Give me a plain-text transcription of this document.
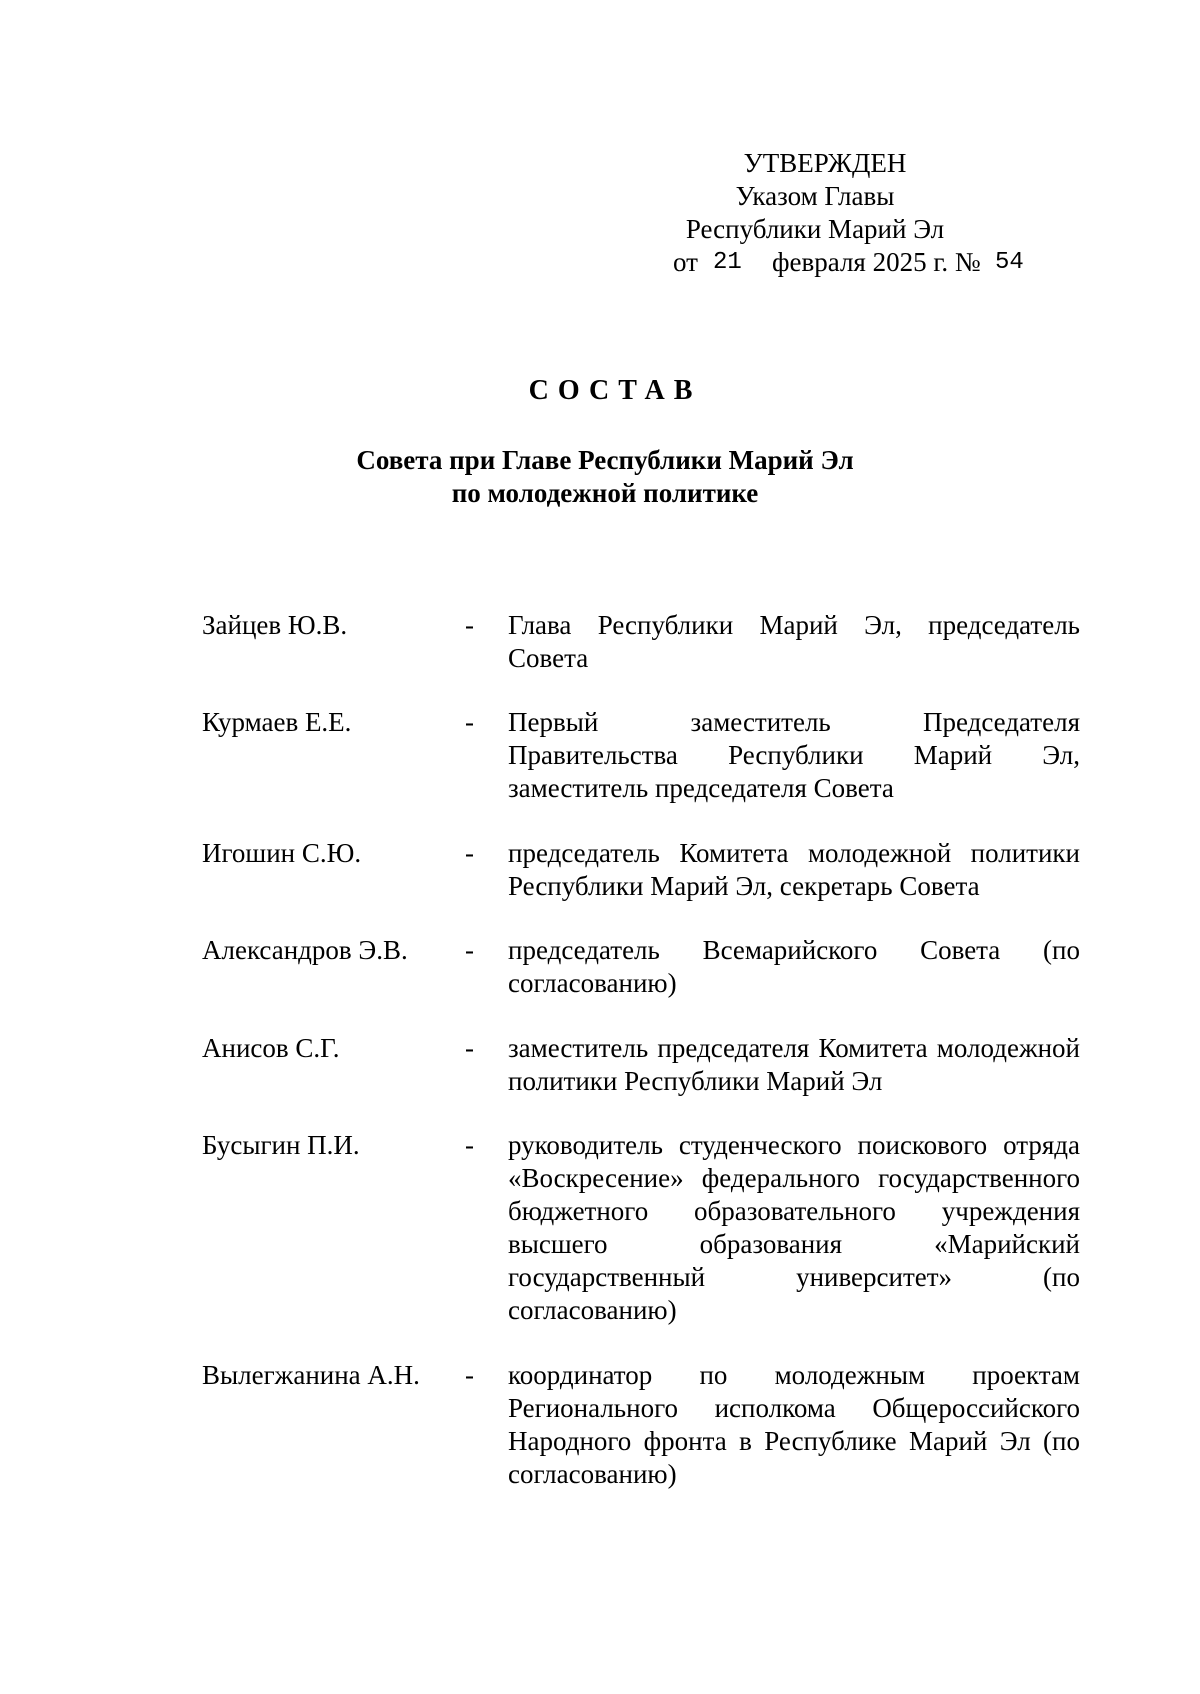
УТВЕРЖДЕН
Указом Главы
Республики Марий Эл
от 21 февраля 2025 г. № 54
СОСТАВ
Совета при Главе Республики Марий Эл
по молодежной политике
Зайцев Ю.В.	-	Глава Республики Марий Эл, председатель Совета
Курмаев Е.Е.	-	Первый заместитель Председателя Правительства Республики Марий Эл, заместитель председателя Совета
Игошин С.Ю.	-	председатель Комитета молодежной политики Республики Марий Эл, секретарь Совета
Александров Э.В.	-	председатель Всемарийского Совета (по согласованию)
Анисов С.Г.	-	заместитель председателя Комитета молодежной политики Республики Марий Эл
Бусыгин П.И.	-	руководитель студенческого поискового отряда «Воскресение» федерального государственного бюджетного образовательного учреждения высшего образования «Марийский государственный университет» (по согласованию)
Вылегжанина А.Н.	-	координатор по молодежным проектам Регионального исполкома Общероссийского Народного фронта в Республике Марий Эл (по согласованию)
